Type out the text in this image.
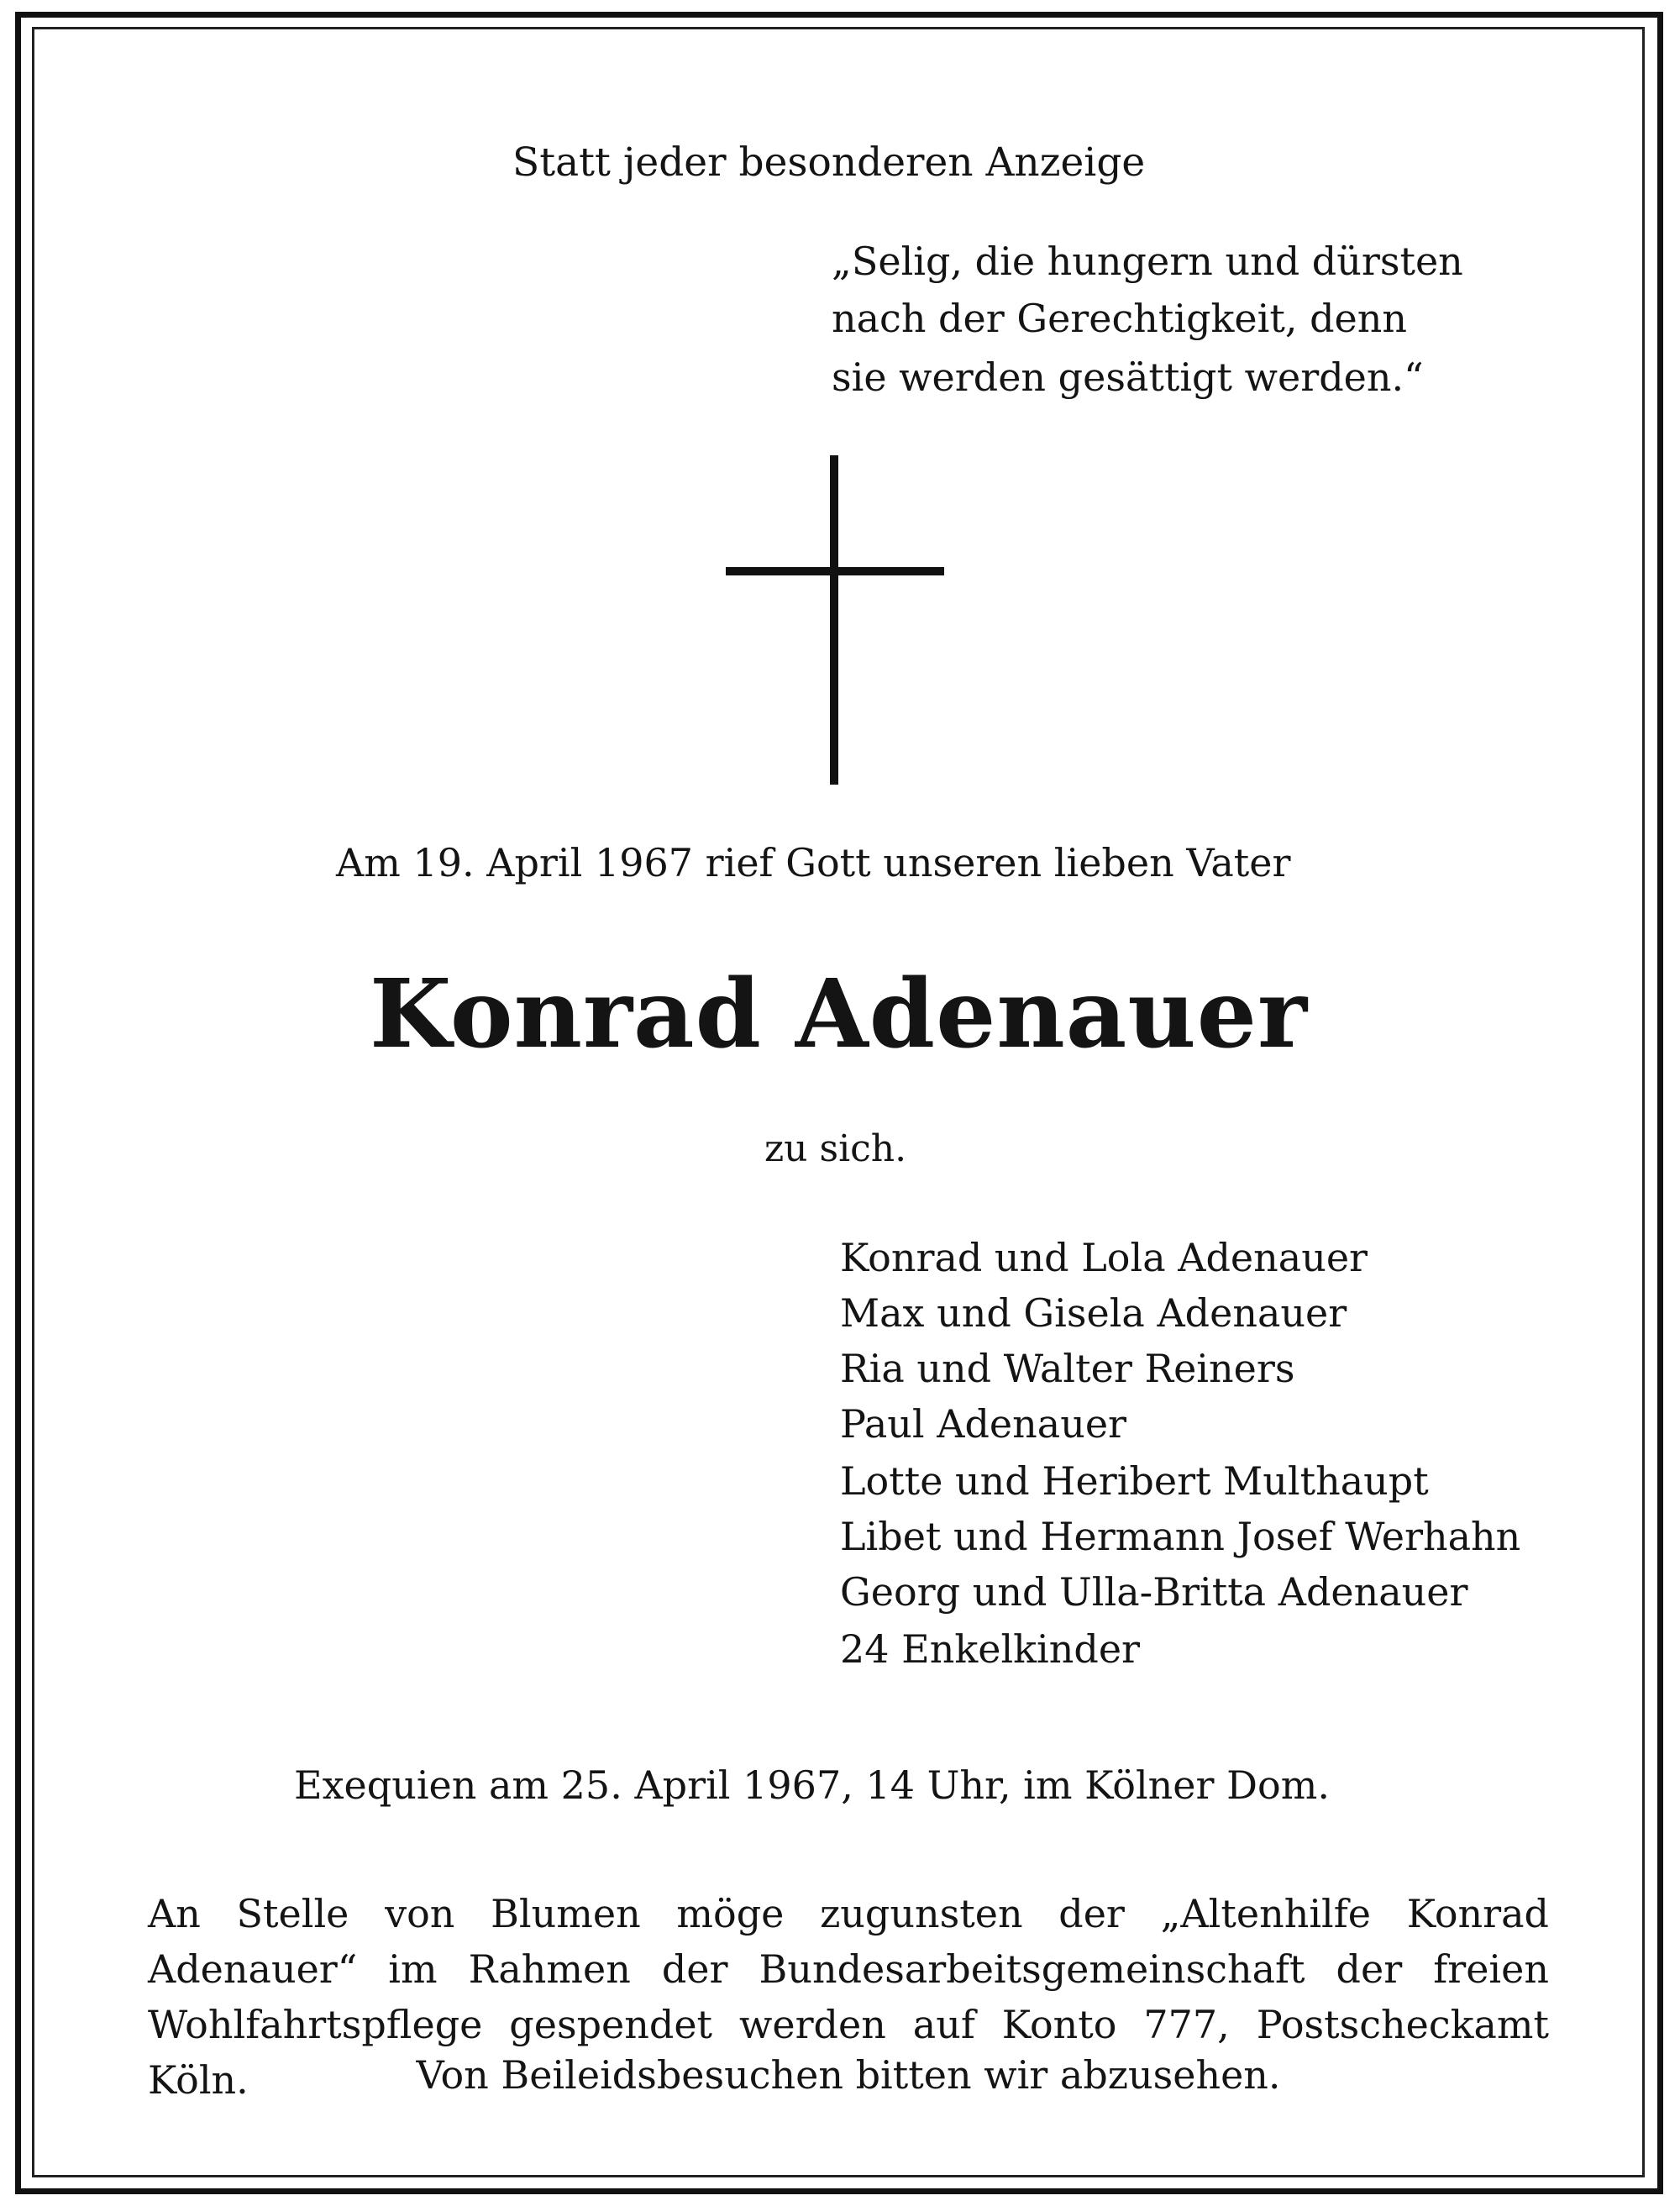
Statt jeder besonderen Anzeige
„Selig, die hungern und dürsten
nach der Gerechtigkeit, denn
sie werden gesättigt werden.“
Am 19. April 1967 rief Gott unseren lieben Vater
Konrad Adenauer
zu sich.
Konrad und Lola Adenauer
Max und Gisela Adenauer
Ria und Walter Reiners
Paul Adenauer
Lotte und Heribert Multhaupt
Libet und Hermann Josef Werhahn
Georg und Ulla-Britta Adenauer
24 Enkelkinder
Exequien am 25. April 1967, 14 Uhr, im Kölner Dom.
An Stelle von Blumen möge zugunsten der „Altenhilfe Konrad
Adenauer“ im Rahmen der Bundesarbeitsgemeinschaft der freien
Wohlfahrtspflege gespendet werden auf Konto 777, Postscheckamt Köln.	Von Beileidsbesuchen bitten wir abzusehen.
